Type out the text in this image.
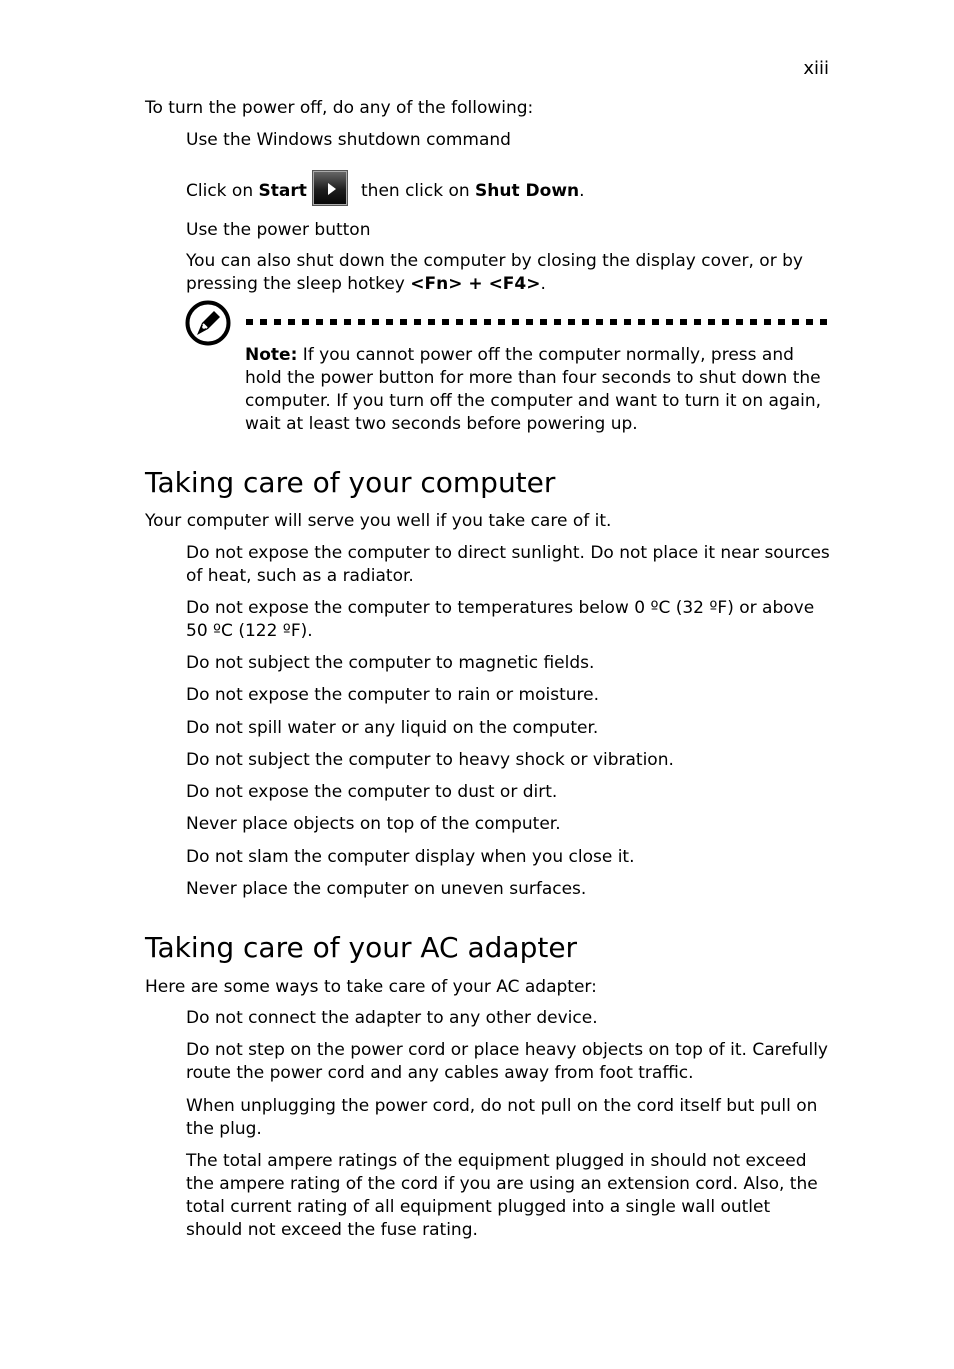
xiii

To turn the power off, do any of the following:

Use the Windows shutdown command

Click on Start	then click on Shut Down.

Use the power button

You can also shut down the computer by closing the display cover, or by pressing the sleep hotkey <Fn> + <F4>.

Note: If you cannot power off the computer normally, press and hold the power button for more than four seconds to shut down the computer. If you turn off the computer and want to turn it on again, wait at least two seconds before powering up.

Taking care of your computer

Your computer will serve you well if you take care of it.

Do not expose the computer to direct sunlight. Do not place it near sources of heat, such as a radiator.

Do not expose the computer to temperatures below 0 ºC (32 ºF) or above 50 ºC (122 ºF).

Do not subject the computer to magnetic fields.

Do not expose the computer to rain or moisture.

Do not spill water or any liquid on the computer.

Do not subject the computer to heavy shock or vibration.

Do not expose the computer to dust or dirt.

Never place objects on top of the computer.

Do not slam the computer display when you close it.

Never place the computer on uneven surfaces.

Taking care of your AC adapter

Here are some ways to take care of your AC adapter:

Do not connect the adapter to any other device.

Do not step on the power cord or place heavy objects on top of it. Carefully route the power cord and any cables away from foot traffic.

When unplugging the power cord, do not pull on the cord itself but pull on the plug.

The total ampere ratings of the equipment plugged in should not exceed the ampere rating of the cord if you are using an extension cord. Also, the total current rating of all equipment plugged into a single wall outlet should not exceed the fuse rating.
